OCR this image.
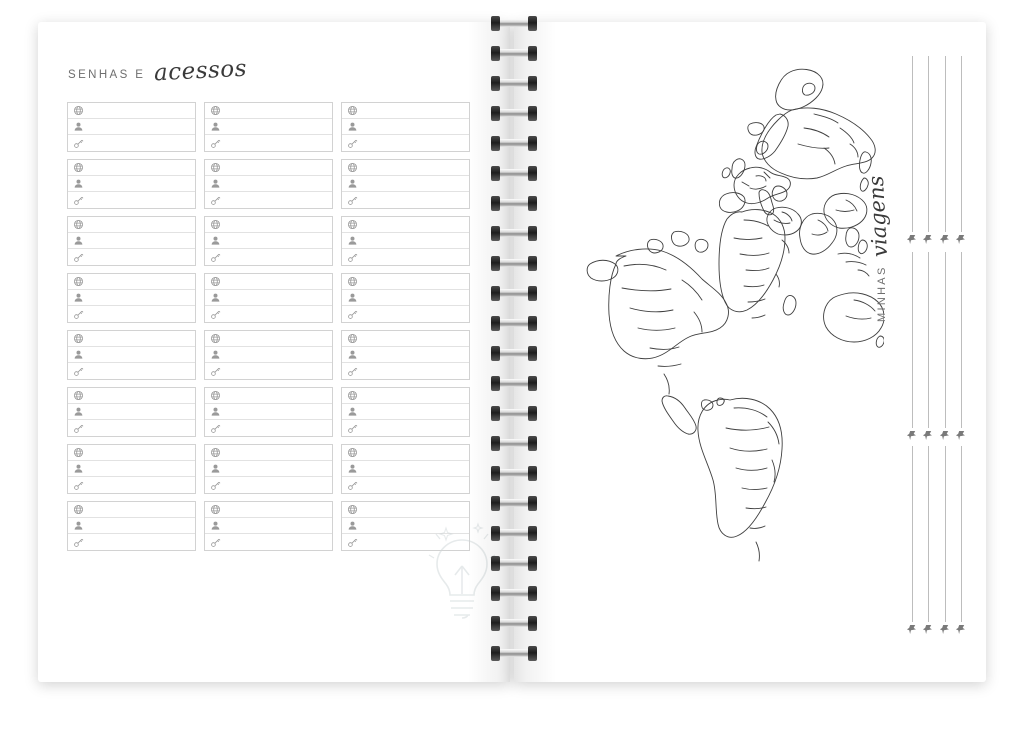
SENHAS E acessos
MINHAS
viagens
